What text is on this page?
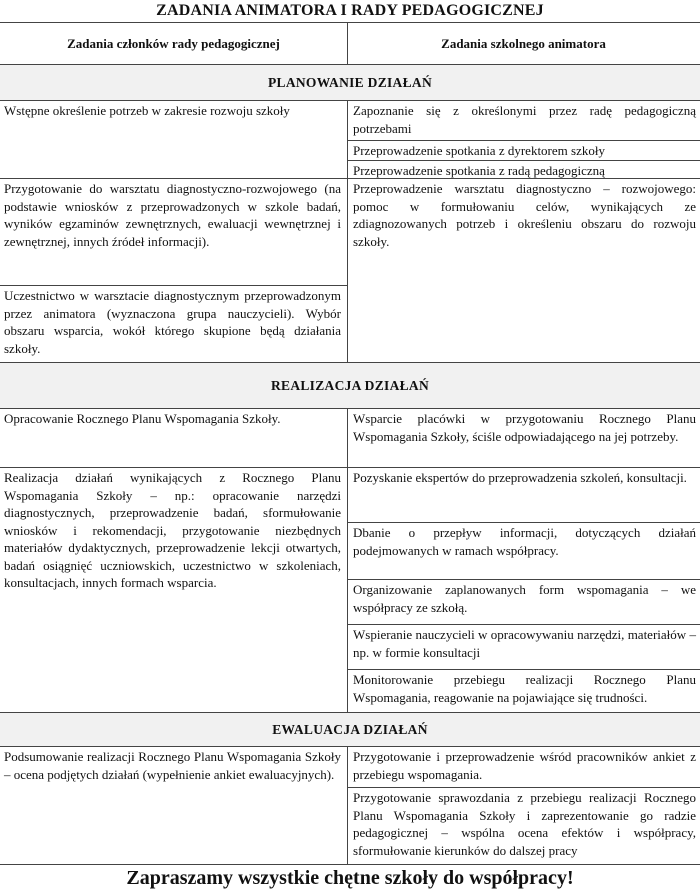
ZADANIA ANIMATORA I RADY PEDAGOGICZNEJ
Zadania członków rady pedagogicznej	Zadania szkolnego animatora
PLANOWANIE DZIAŁAŃ
Wstępne określenie potrzeb w zakresie rozwoju szkoły
Przygotowanie do warsztatu diagnostyczno-rozwojowego (na podstawie wniosków z przeprowadzonych w szkole badań, wyników egzaminów zewnętrznych, ewaluacji wewnętrznej i zewnętrznej, innych źródeł informacji).
Uczestnictwo w warsztacie diagnostycznym przeprowadzonym przez animatora (wyznaczona grupa nauczycieli). Wybór obszaru wsparcia, wokół którego skupione będą działania szkoły.
Zapoznanie się z określonymi przez radę pedagogiczną potrzebami
Przeprowadzenie spotkania z dyrektorem szkoły
Przeprowadzenie spotkania z radą pedagogiczną
Przeprowadzenie warsztatu diagnostyczno – rozwojowego: pomoc w formułowaniu celów, wynikających ze zdiagnozowanych potrzeb i określeniu obszaru do rozwoju szkoły.
REALIZACJA DZIAŁAŃ
Opracowanie Rocznego Planu Wspomagania Szkoły.
Realizacja działań wynikających z Rocznego Planu Wspomagania Szkoły – np.: opracowanie narzędzi diagnostycznych, przeprowadzenie badań, sformułowanie wniosków i rekomendacji, przygotowanie niezbędnych materiałów dydaktycznych, przeprowadzenie lekcji otwartych, badań osiągnięć uczniowskich, uczestnictwo w szkoleniach, konsultacjach, innych formach wsparcia.
Wsparcie placówki w przygotowaniu Rocznego Planu Wspomagania Szkoły, ściśle odpowiadającego na jej potrzeby.
Pozyskanie ekspertów do przeprowadzenia szkoleń, konsultacji.
Dbanie o przepływ informacji, dotyczących działań podejmowanych w ramach współpracy.
Organizowanie zaplanowanych form wspomagania – we współpracy ze szkołą.
Wspieranie nauczycieli w opracowywaniu narzędzi, materiałów – np. w formie konsultacji
Monitorowanie przebiegu realizacji Rocznego Planu Wspomagania, reagowanie na pojawiające się trudności.
EWALUACJA DZIAŁAŃ
Podsumowanie realizacji Rocznego Planu Wspomagania Szkoły – ocena podjętych działań (wypełnienie ankiet ewaluacyjnych).
Przygotowanie i przeprowadzenie wśród pracowników ankiet z przebiegu wspomagania.
Przygotowanie sprawozdania z przebiegu realizacji Rocznego Planu Wspomagania Szkoły i zaprezentowanie go radzie pedagogicznej – wspólna ocena efektów i współpracy, sformułowanie kierunków do dalszej pracy
Zapraszamy wszystkie chętne szkoły do współpracy!
